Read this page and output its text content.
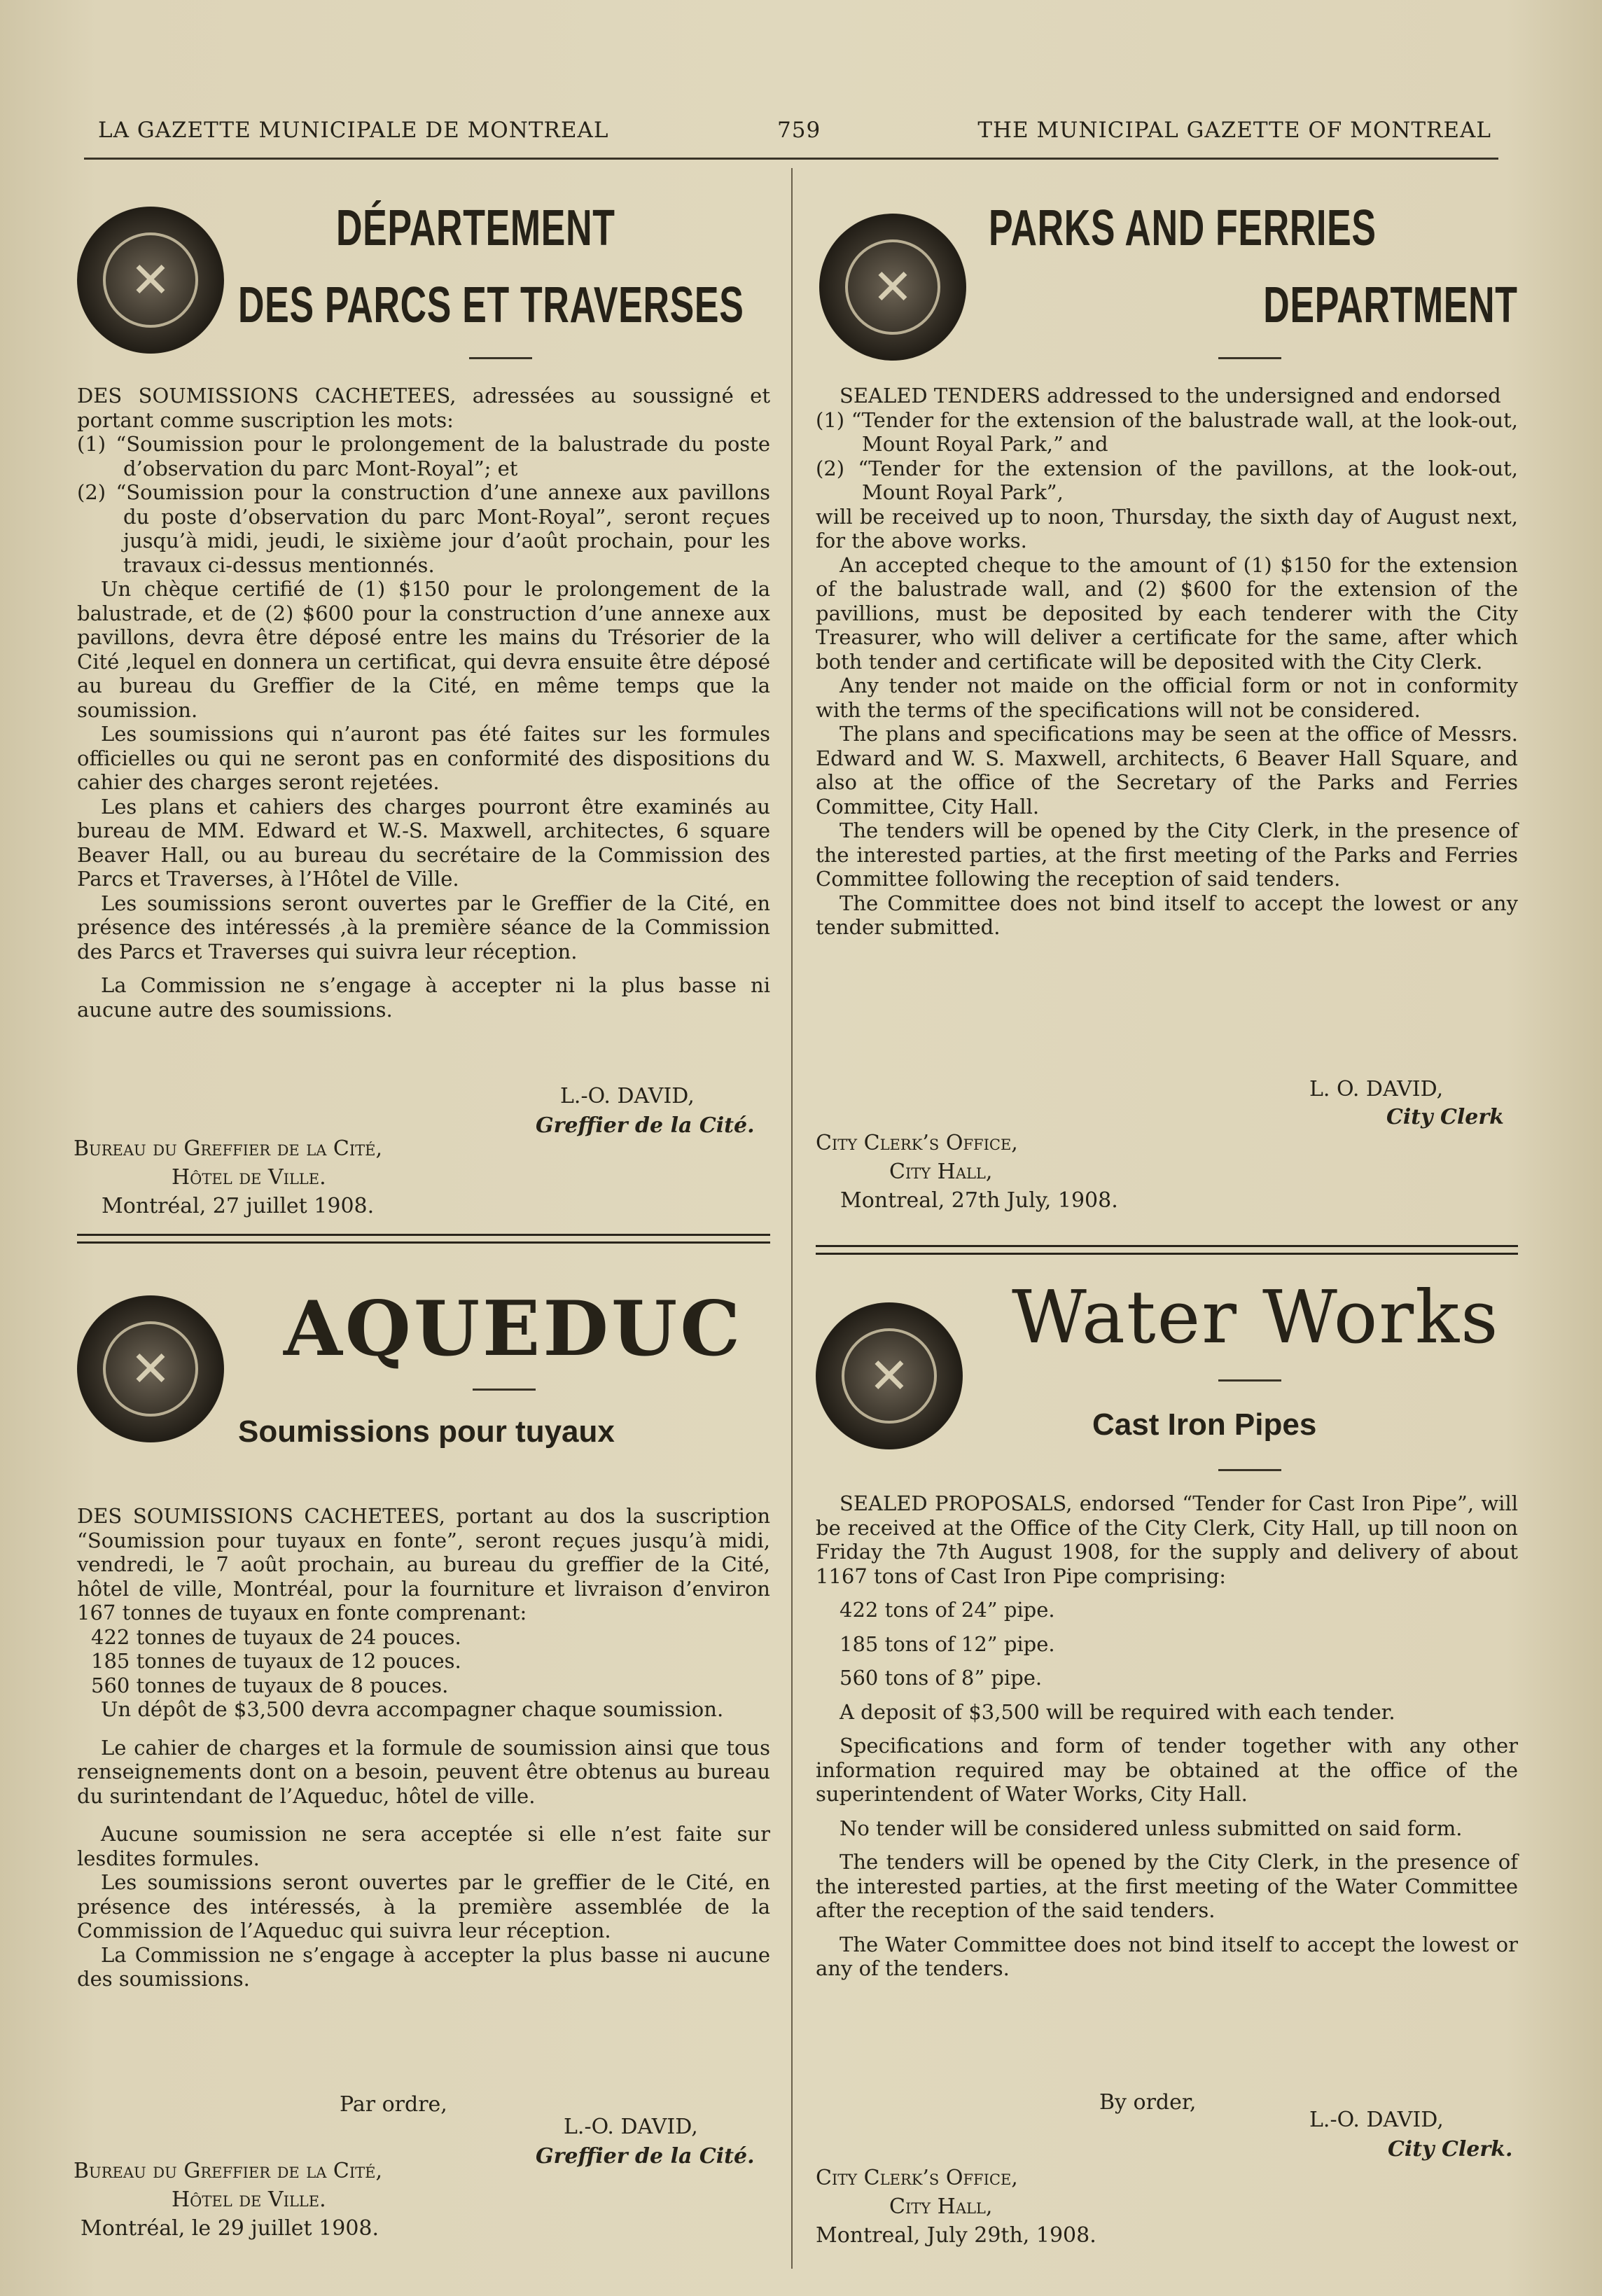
LA GAZETTE MUNICIPALE DE MONTREAL	759	THE MUNICIPAL GAZETTE OF MONTREAL
✕
DÉPARTEMENT
DES PARCS ET TRAVERSES

DES SOUMISSIONS CACHETEES, adressées au soussigné et portant comme suscription les mots:

(1) “Soumission pour le prolongement de la balustrade du poste d’observation du parc Mont-Royal”; et

(2) “Soumission pour la construction d’une annexe aux pavillons du poste d’observation du parc Mont-Royal”, seront reçues jusqu’à midi, jeudi, le sixième jour d’août prochain, pour les travaux ci-dessus mentionnés.

Un chèque certifié de (1) $150 pour le prolongement de la balustrade, et de (2) $600 pour la construction d’une annexe aux pavillons, devra être déposé entre les mains du Trésorier de la Cité ,lequel en donnera un certificat, qui devra ensuite être déposé au bureau du Greffier de la Cité, en même temps que la soumission.

Les soumissions qui n’auront pas été faites sur les formules officielles ou qui ne seront pas en conformité des dispositions du cahier des charges seront rejetées.

Les plans et cahiers des charges pourront être examinés au bureau de MM. Edward et W.-S. Maxwell, architectes, 6 square Beaver Hall, ou au bureau du secrétaire de la Commission des Parcs et Traverses, à l’Hôtel de Ville.

Les soumissions seront ouvertes par le Greffier de la Cité, en présence des intéressés ,à la première séance de la Commission des Parcs et Traverses qui suivra leur réception.

La Commission ne s’engage à accepter ni la plus basse ni aucune autre des soumissions.

L.-O. DAVID,
Greffier de la Cité.
Bureau du Greffier de la Cité,
Hôtel de Ville.
Montréal, 27 juillet 1908.
✕
PARKS AND FERRIES
DEPARTMENT

SEALED TENDERS addressed to the undersigned and endorsed

(1) “Tender for the extension of the balustrade wall, at the look-out, Mount Royal Park,” and

(2) “Tender for the extension of the pavillons, at the look-out, Mount Royal Park”,

will be received up to noon, Thursday, the sixth day of August next, for the above works.

An accepted cheque to the amount of (1) $150 for the extension of the balustrade wall, and (2) $600 for the extension of the pavillions, must be deposited by each tenderer with the City Treasurer, who will deliver a certificate for the same, after which both tender and certificate will be deposited with the City Clerk.

Any tender not maide on the official form or not in conformity with the terms of the specifications will not be considered.

The plans and specifications may be seen at the office of Messrs. Edward and W. S. Maxwell, architects, 6 Beaver Hall Square, and also at the office of the Secretary of the Parks and Ferries Committee, City Hall.

The tenders will be opened by the City Clerk, in the presence of the interested parties, at the first meeting of the Parks and Ferries Committee following the reception of said tenders.

The Committee does not bind itself to accept the lowest or any tender submitted.

L. O. DAVID,
City Clerk
City Clerk’s Office,
City Hall,
Montreal, 27th July, 1908.
✕	AQUEDUC
Soumissions pour tuyaux

DES SOUMISSIONS CACHETEES, portant au dos la suscription “Soumission pour tuyaux en fonte”, seront reçues jusqu’à midi, vendredi, le 7 août prochain, au bureau du greffier de la Cité, hôtel de ville, Montréal, pour la fourniture et livraison d’environ 167 tonnes de tuyaux en fonte comprenant:

422 tonnes de tuyaux de 24 pouces.

185 tonnes de tuyaux de 12 pouces.

560 tonnes de tuyaux de 8 pouces.

Un dépôt de $3,500 devra accompagner chaque soumission.

Le cahier de charges et la formule de soumission ainsi que tous renseignements dont on a besoin, peuvent être obtenus au bureau du surintendant de l’Aqueduc, hôtel de ville.

Aucune soumission ne sera acceptée si elle n’est faite sur lesdites formules.

Les soumissions seront ouvertes par le greffier de le Cité, en présence des intéressés, à la première assemblée de la Commission de l’Aqueduc qui suivra leur réception.

La Commission ne s’engage à accepter la plus basse ni aucune des soumissions.

Par ordre,
L.-O. DAVID,
Greffier de la Cité.
Bureau du Greffier de la Cité,
Hôtel de Ville.
Montréal, le 29 juillet 1908.
✕
Water Works
Cast Iron Pipes

SEALED PROPOSALS, endorsed “Tender for Cast Iron Pipe”, will be received at the Office of the City Clerk, City Hall, up till noon on Friday the 7th August 1908, for the supply and delivery of about 1167 tons of Cast Iron Pipe comprising:

422 tons of 24” pipe.

185 tons of 12” pipe.

560 tons of 8” pipe.

A deposit of $3,500 will be required with each tender.

Specifications and form of tender together with any other information required may be obtained at the office of the superintendent of Water Works, City Hall.

No tender will be considered unless submitted on said form.

The tenders will be opened by the City Clerk, in the presence of the interested parties, at the first meeting of the Water Committee after the reception of the said tenders.

The Water Committee does not bind itself to accept the lowest or any of the tenders.

By order,
L.-O. DAVID,
City Clerk.
City Clerk’s Office,
City Hall,
Montreal, July 29th, 1908.
